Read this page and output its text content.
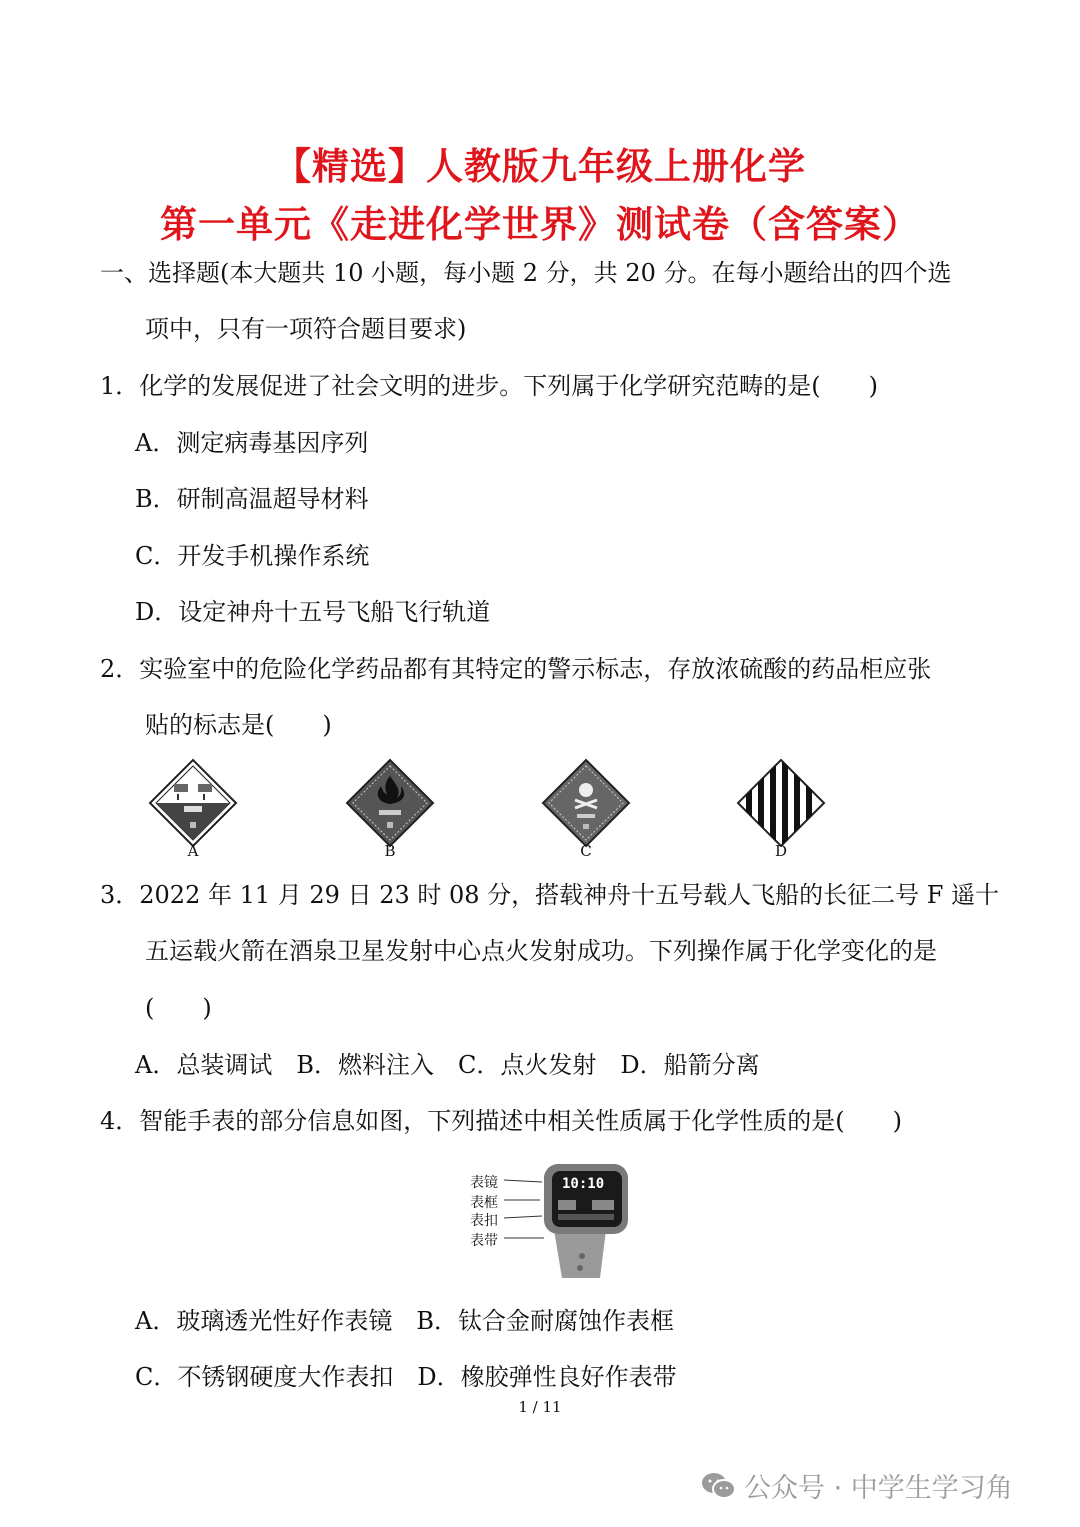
【精选】人教版九年级上册化学
第一单元《走进化学世界》测试卷（含答案）
一、选择题(本大题共 10 小题，每小题 2 分，共 20 分。在每小题给出的四个选
项中，只有一项符合题目要求)
1．化学的发展促进了社会文明的进步。下列属于化学研究范畴的是(　　)
A．测定病毒基因序列
B．研制高温超导材料
C．开发手机操作系统
D．设定神舟十五号飞船飞行轨道
2．实验室中的危险化学药品都有其特定的警示标志，存放浓硫酸的药品柜应张
贴的标志是(　　)
A	B	C	D
3．2022 年 11 月 29 日 23 时 08 分，搭载神舟十五号载人飞船的长征二号 F 遥十
五运载火箭在酒泉卫星发射中心点火发射成功。下列操作属于化学变化的是
(　　)
A．总装调试　B．燃料注入　C．点火发射　D．船箭分离
4．智能手表的部分信息如图，下列描述中相关性质属于化学性质的是(　　)
表镜
表框
表扣
表带
10:10
A．玻璃透光性好作表镜　B．钛合金耐腐蚀作表框
C．不锈钢硬度大作表扣　D．橡胶弹性良好作表带
1 / 11
公众号 · 中学生学习角
